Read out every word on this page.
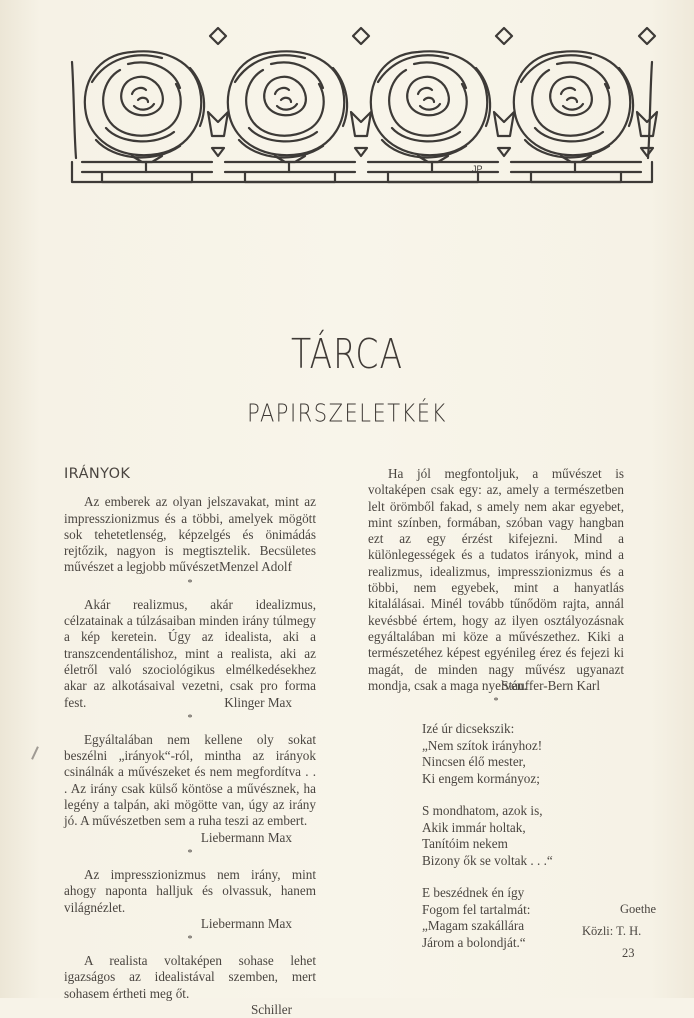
JP
TÁRCA
PAPIRSZELETKÉK
IRÁNYOK

Az emberek az olyan jelszavakat, mint az impresszionizmus és a többi, amelyek mögött sok tehetetlenség, képzelgés és önimádás rejtőzik, nagyon is megtisztelik. Becsületes művészet a legjobb művészet.

Menzel Adolf

*

Akár realizmus, akár idealizmus, célzatainak a túlzásaiban minden irány túlmegy a kép keretein. Úgy az idealista, aki a transzcendentálishoz, mint a realista, aki az életről való szociológikus elmélkedésekhez akar az alkotásaival vezetni, csak pro forma fest.	Klinger Max

*

Egyáltalában nem kellene oly sokat beszélni „irányok“-ról, mintha az irányok csinálnák a művészeket és nem megfordítva . . . Az irány csak külső köntöse a művésznek, ha legény a talpán, aki mögötte van, úgy az irány jó. A művészetben sem a ruha teszi az embert.

Liebermann Max

*

Az impresszionizmus nem irány, mint ahogy naponta halljuk és olvassuk, hanem világnézlet.

Liebermann Max

*

A realista voltaképen sohase lehet igazságos az idealistával szemben, mert sohasem értheti meg őt.

Schiller

Ha jól megfontoljuk, a művészet is voltaképen csak egy: az, amely a természetben lelt örömből fakad, s amely nem akar egyebet, mint színben, formában, szóban vagy hangban ezt az egy érzést kifejezni. Mind a különlegességek és a tudatos irányok, mind a realizmus, idealizmus, impresszionizmus és a többi, nem egyebek, mint a hanyatlás kitalálásai. Minél tovább tűnődöm rajta, annál kevésbbé értem, hogy az ilyen osztályozásnak egyáltalában mi köze a művészethez. Kiki a természetéhez képest egyénileg érez és fejezi ki magát, de minden nagy művész ugyanazt mondja, csak a maga nyelvén.

Stauffer-Bern Karl

*
Izé úr dicsekszik:
„Nem szítok irányhoz!
Nincsen élő mester,
Ki engem kormányoz;
S mondhatom, azok is,
Akik immár holtak,
Tanítóim nekem
Bizony ők se voltak . . .“
E beszédnek én így
Fogom fel tartalmát:
„Magam szakállára
Járom a bolondját.“
Goethe
Közli: T. H.
23
